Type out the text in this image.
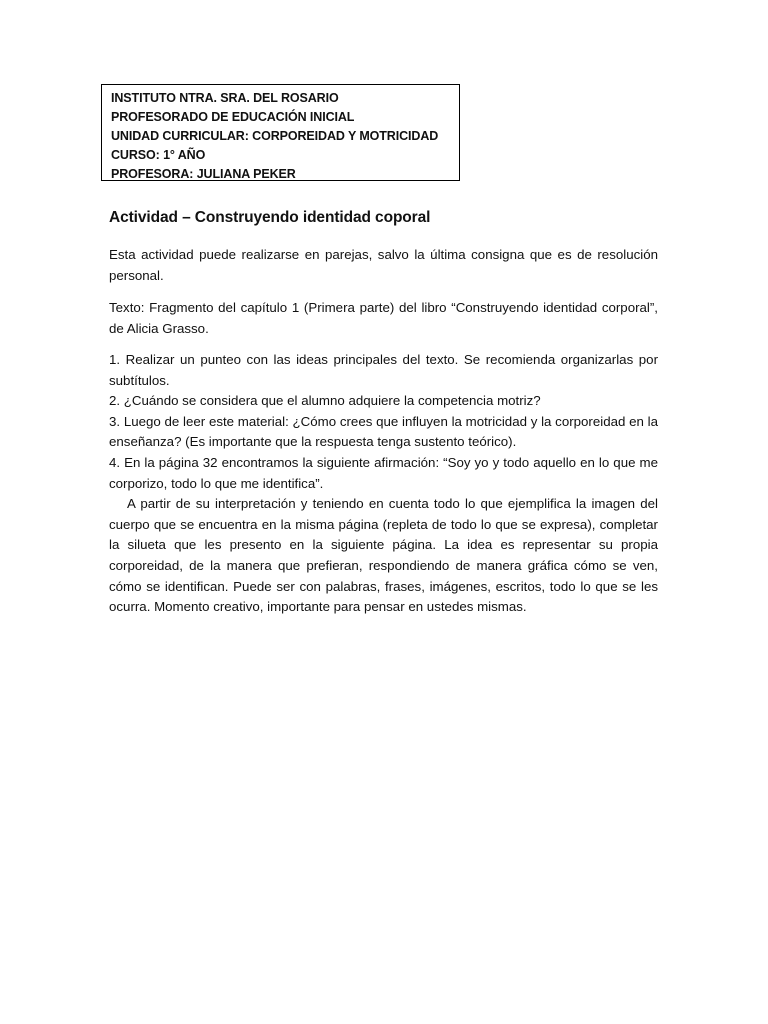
INSTITUTO NTRA. SRA. DEL ROSARIO
PROFESORADO DE EDUCACIÓN INICIAL
UNIDAD CURRICULAR: CORPOREIDAD Y MOTRICIDAD
CURSO: 1° AÑO
PROFESORA: JULIANA PEKER
Actividad – Construyendo identidad coporal
Esta actividad puede realizarse en parejas, salvo la última consigna que es de resolución personal.
Texto: Fragmento del capítulo 1 (Primera parte) del libro “Construyendo identidad corporal”, de Alicia Grasso.

1. Realizar un punteo con las ideas principales del texto. Se recomienda organizarlas por subtítulos.

2. ¿Cuándo se considera que el alumno adquiere la competencia motriz?

3. Luego de leer este material: ¿Cómo crees que influyen la motricidad y la corporeidad en la enseñanza? (Es importante que la respuesta tenga sustento teórico).

4. En la página 32 encontramos la siguiente afirmación: “Soy yo y todo aquello en lo que me corporizo, todo lo que me identifica”.

A partir de su interpretación y teniendo en cuenta todo lo que ejemplifica la imagen del cuerpo que se encuentra en la misma página (repleta de todo lo que se expresa), completar la silueta que les presento en la siguiente página. La idea es representar su propia corporeidad, de la manera que prefieran, respondiendo de manera gráfica cómo se ven, cómo se identifican. Puede ser con palabras, frases, imágenes, escritos, todo lo que se les ocurra. Momento creativo, importante para pensar en ustedes mismas.
